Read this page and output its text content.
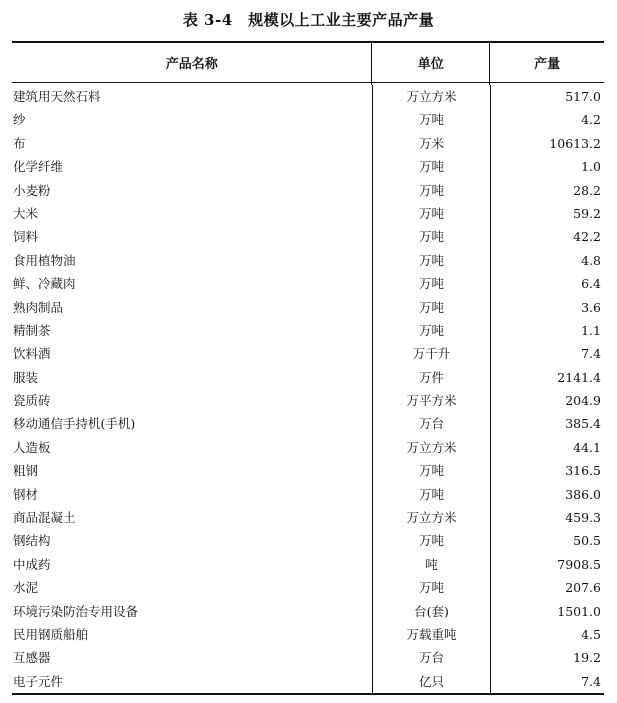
表 3-4　规模以上工业主要产品产量
产品名称	单位	产量
建筑用天然石料	万立方米	517.0
纱	万吨	4.2
布	万米	10613.2
化学纤维	万吨	1.0
小麦粉	万吨	28.2
大米	万吨	59.2
饲料	万吨	42.2
食用植物油	万吨	4.8
鲜、冷藏肉	万吨	6.4
熟肉制品	万吨	3.6
精制茶	万吨	1.1
饮料酒	万千升	7.4
服装	万件	2141.4
瓷质砖	万平方米	204.9
移动通信手持机(手机)	万台	385.4
人造板	万立方米	44.1
粗钢	万吨	316.5
钢材	万吨	386.0
商品混凝土	万立方米	459.3
钢结构	万吨	50.5
中成药	吨	7908.5
水泥	万吨	207.6
环境污染防治专用设备	台(套)	1501.0
民用钢质船舶	万载重吨	4.5
互感器	万台	19.2
电子元件	亿只	7.4
